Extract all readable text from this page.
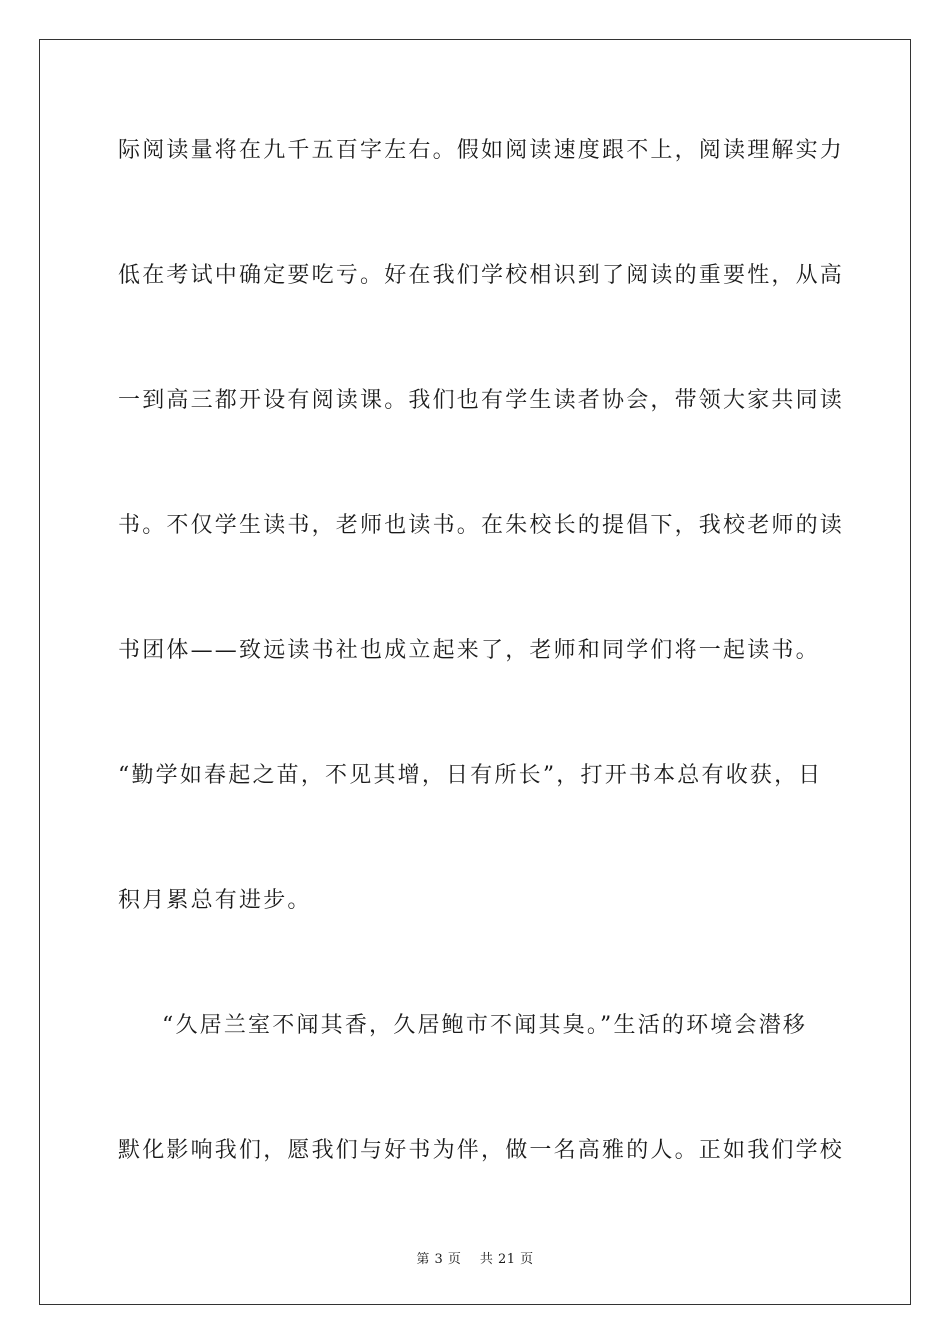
际阅读量将在九千五百字左右。假如阅读速度跟不上，阅读理解实力
低在考试中确定要吃亏。好在我们学校相识到了阅读的重要性，从高
一到高三都开设有阅读课。我们也有学生读者协会，带领大家共同读
书。不仅学生读书，老师也读书。在朱校长的提倡下，我校老师的读
书团体——致远读书社也成立起来了，老师和同学们将一起读书。
“勤学如春起之苗，不见其增，日有所长”，打开书本总有收获，日
积月累总有进步。
“久居兰室不闻其香，久居鲍市不闻其臭。”生活的环境会潜移
默化影响我们，愿我们与好书为伴，做一名高雅的人。正如我们学校
第 3 页    共 21 页
